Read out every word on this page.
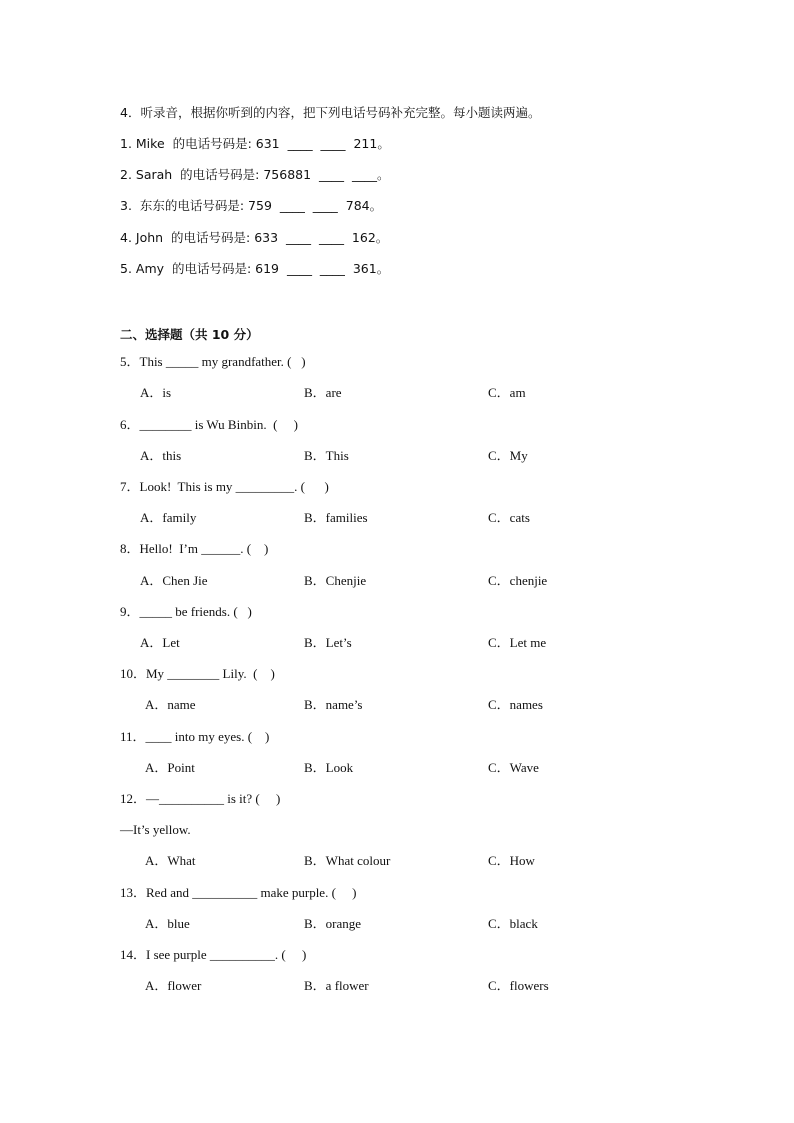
4．听录音，根据你听到的内容，把下列电话号码补充完整。每小题读两遍。
1. Mike  的电话号码是: 631  ____  ____  211。
2. Sarah  的电话号码是: 756881  ____  ____。
3.  东东的电话号码是: 759  ____  ____  784。
4. John  的电话号码是: 633  ____  ____  162。
5. Amy  的电话号码是: 619  ____  ____  361。
二、选择题（共 10 分）
5．This _____ my grandfather. (   )
A．is	B．are	C．am
6．________ is Wu Binbin.  (     )
A．this	B．This	C．My
7．Look!  This is my _________. (      )
A．family	B．families	C．cats
8．Hello!  I’m ______. (    )
A．Chen Jie	B．Chenjie	C．chenjie
9．_____ be friends. (   )
A．Let	B．Let’s	C．Let me
10．My ________ Lily.  (    )
A．name	B．name’s	C．names
11．____ into my eyes. (    )
A．Point	B．Look	C．Wave
12．—__________ is it? (     )
—It’s yellow.
A．What	B．What colour	C．How
13．Red and __________ make purple. (     )
A．blue	B．orange	C．black
14．I see purple __________. (     )
A．flower	B．a flower	C．flowers
